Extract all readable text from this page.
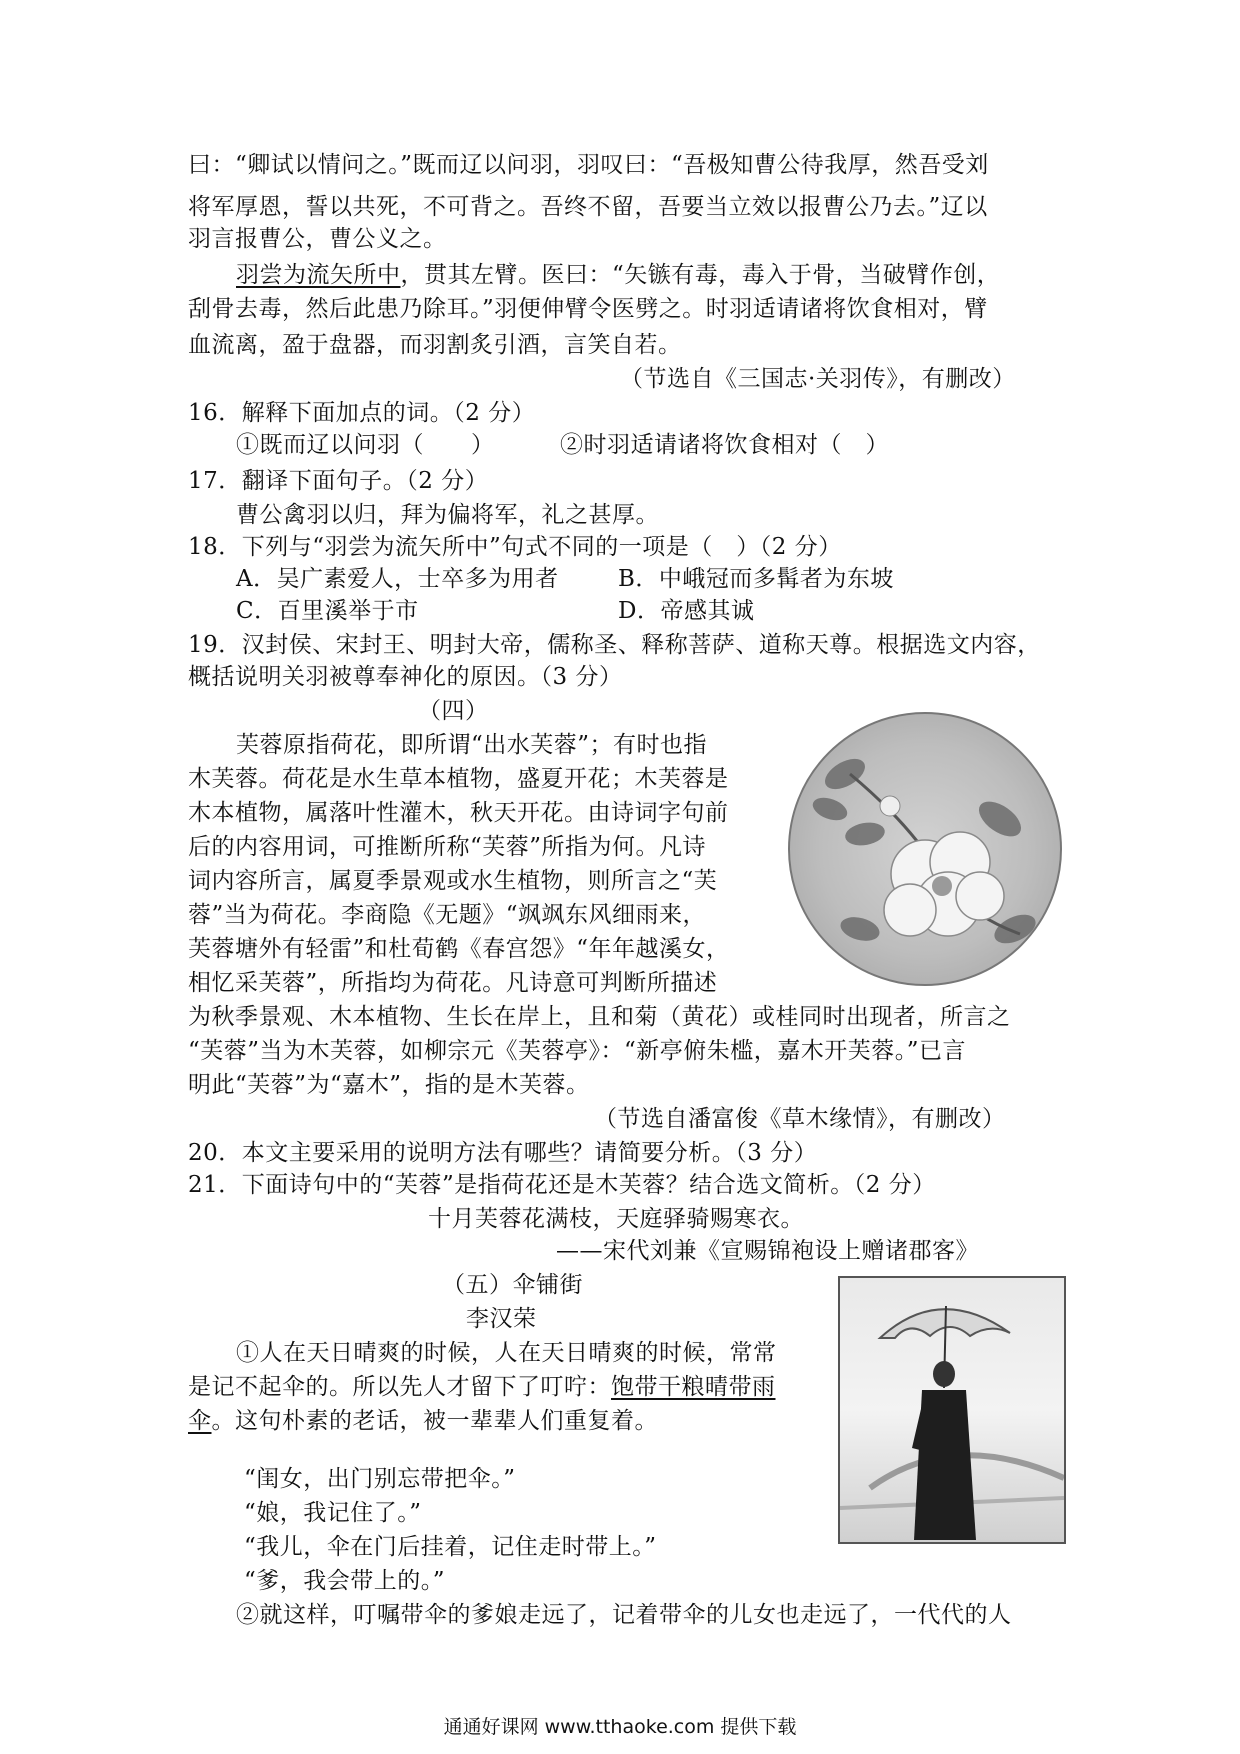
曰：“卿试以情问之。”既而辽以问羽，羽叹曰：“吾极知曹公待我厚，然吾受刘
将军厚恩，誓以共死，不可背之。吾终不留，吾要当立效以报曹公乃去。”辽以
羽言报曹公，曹公义之。
羽尝为流矢所中，贯其左臂。医曰：“矢镞有毒，毒入于骨，当破臂作创，
刮骨去毒，然后此患乃除耳。”羽便伸臂令医劈之。时羽适请诸将饮食相对，臂
血流离，盈于盘器，而羽割炙引酒，言笑自若。
（节选自《三国志·关羽传》，有删改）
16．解释下面加点的词。（2 分）
①既而辽以问羽（　　）	②时羽适请诸将饮食相对（　）
17．翻译下面句子。（2 分）
曹公禽羽以归，拜为偏将军，礼之甚厚。
18．下列与“羽尝为流矢所中”句式不同的一项是（　）（2 分）
A．吴广素爱人，士卒多为用者	B．中峨冠而多髯者为东坡
C．百里溪举于市	D．帝感其诚
19．汉封侯、宋封王、明封大帝，儒称圣、释称菩萨、道称天尊。根据选文内容，
概括说明关羽被尊奉神化的原因。（3 分）
（四）
芙蓉原指荷花，即所谓“出水芙蓉”；有时也指
木芙蓉。荷花是水生草本植物，盛夏开花；木芙蓉是
木本植物，属落叶性灌木，秋天开花。由诗词字句前
后的内容用词，可推断所称“芙蓉”所指为何。凡诗
词内容所言，属夏季景观或水生植物，则所言之“芙
蓉”当为荷花。李商隐《无题》“飒飒东风细雨来，
芙蓉塘外有轻雷”和杜荀鹤《春宫怨》“年年越溪女，
相忆采芙蓉”，所指均为荷花。凡诗意可判断所描述
为秋季景观、木本植物、生长在岸上，且和菊（黄花）或桂同时出现者，所言之
“芙蓉”当为木芙蓉，如柳宗元《芙蓉亭》：“新亭俯朱槛，嘉木开芙蓉。”已言
明此“芙蓉”为“嘉木”，指的是木芙蓉。
（节选自潘富俊《草木缘情》，有删改）
20．本文主要采用的说明方法有哪些？请简要分析。（3 分）
21．下面诗句中的“芙蓉”是指荷花还是木芙蓉？结合选文简析。（2 分）
十月芙蓉花满枝，天庭驿骑赐寒衣。
——宋代刘兼《宣赐锦袍设上赠诸郡客》
（五）伞铺街
李汉荣
①人在天日晴爽的时候，人在天日晴爽的时候，常常
是记不起伞的。所以先人才留下了叮咛：饱带干粮晴带雨
伞。这句朴素的老话，被一辈辈人们重复着。
“闺女，出门别忘带把伞。”
“娘，我记住了。”
“我儿，伞在门后挂着，记住走时带上。”
“爹，我会带上的。”
②就这样，叮嘱带伞的爹娘走远了，记着带伞的儿女也走远了，一代代的人
通通好课网 www.tthaoke.com 提供下载
